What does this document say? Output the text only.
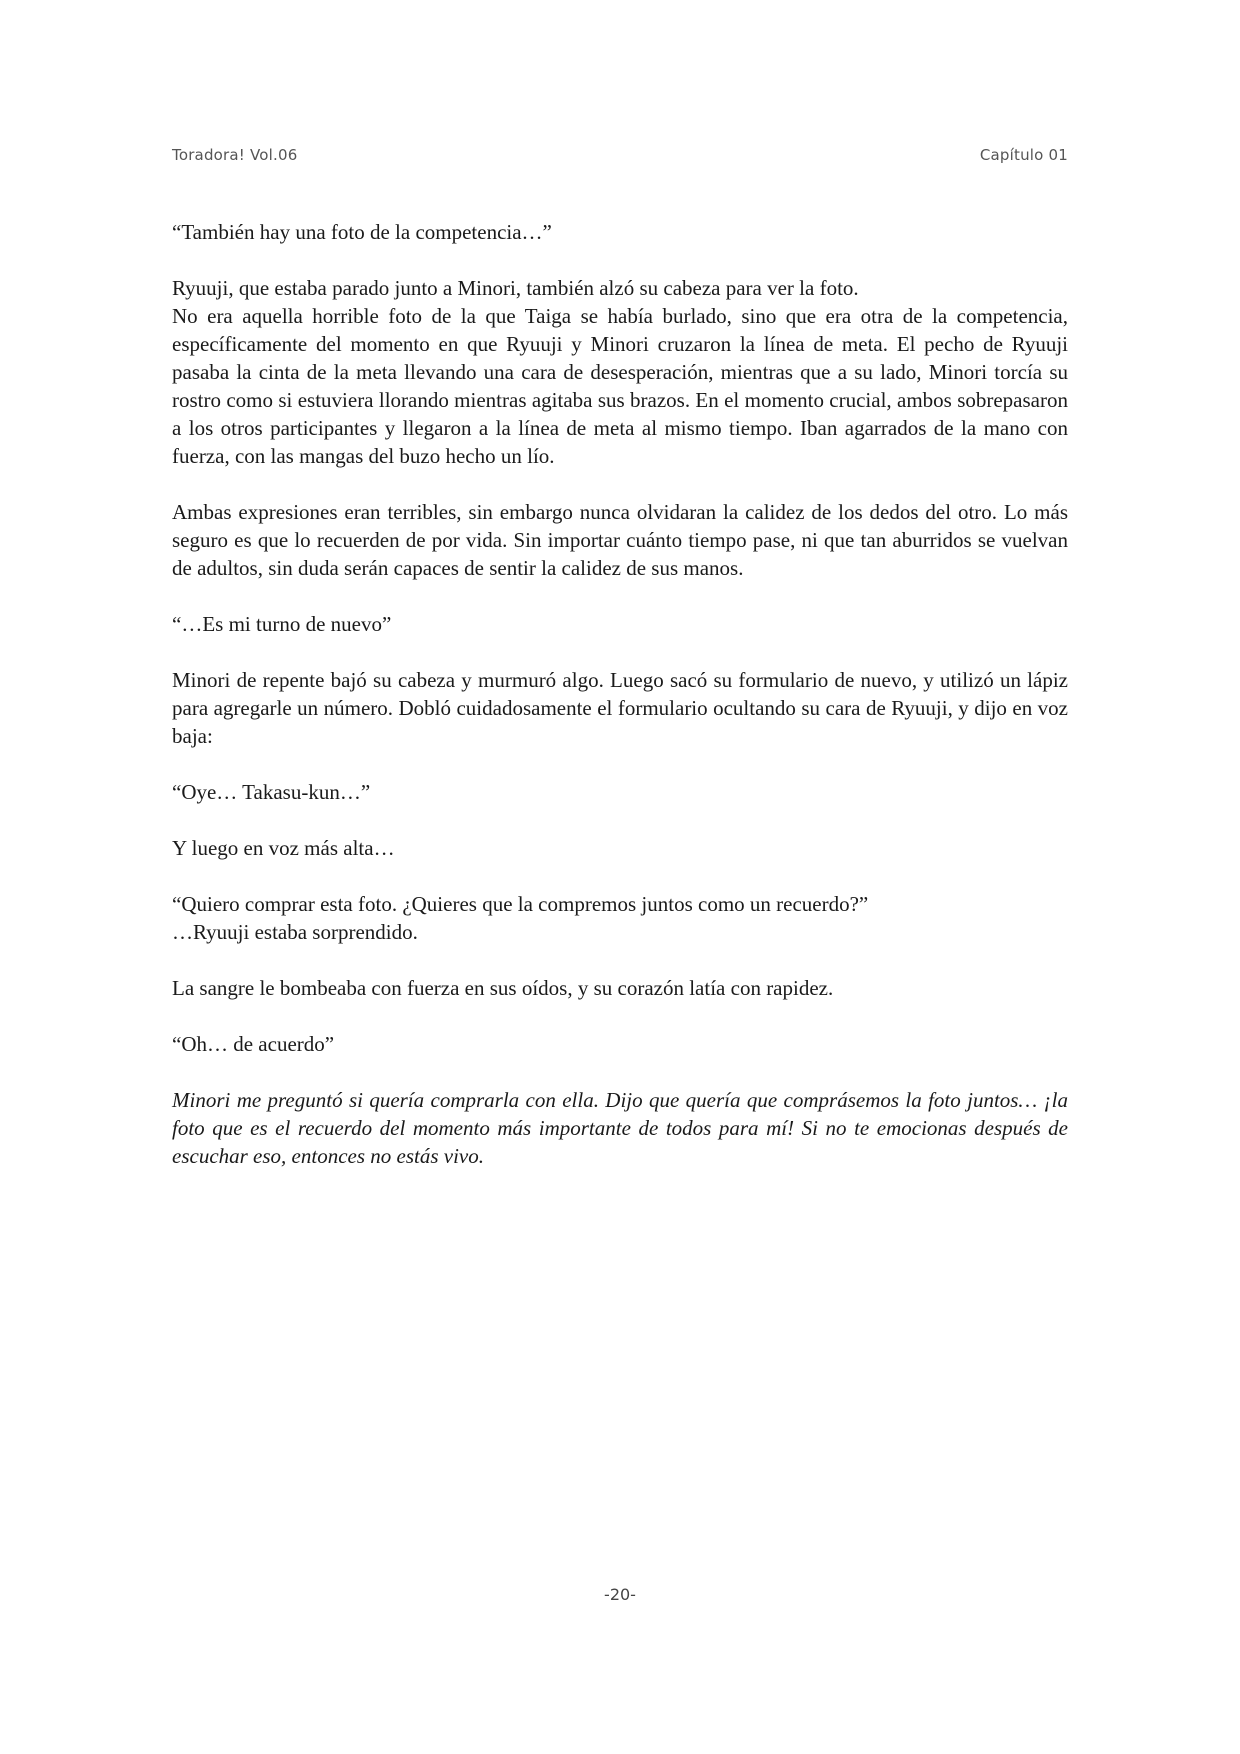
Toradora! Vol.06	Capítulo 01

“También hay una foto de la competencia…”

Ryuuji, que estaba parado junto a Minori, también alzó su cabeza para ver la foto.

No era aquella horrible foto de la que Taiga se había burlado, sino que era otra de la competencia, específicamente del momento en que Ryuuji y Minori cruzaron la línea de meta. El pecho de Ryuuji pasaba la cinta de la meta llevando una cara de desesperación, mientras que a su lado, Minori torcía su rostro como si estuviera llorando mientras agitaba sus brazos. En el momento crucial, ambos sobrepasaron a los otros participantes y llegaron a la línea de meta al mismo tiempo. Iban agarrados de la mano con fuerza, con las mangas del buzo hecho un lío.

Ambas expresiones eran terribles, sin embargo nunca olvidaran la calidez de los dedos del otro. Lo más seguro es que lo recuerden de por vida. Sin importar cuánto tiempo pase, ni que tan aburridos se vuelvan de adultos, sin duda serán capaces de sentir la calidez de sus manos.

“…Es mi turno de nuevo”

Minori de repente bajó su cabeza y murmuró algo. Luego sacó su formulario de nuevo, y utilizó un lápiz para agregarle un número. Dobló cuidadosamente el formulario ocultando su cara de Ryuuji, y dijo en voz baja:

“Oye… Takasu-kun…”

Y luego en voz más alta…

“Quiero comprar esta foto. ¿Quieres que la compremos juntos como un recuerdo?”

…Ryuuji estaba sorprendido.

La sangre le bombeaba con fuerza en sus oídos, y su corazón latía con rapidez.

“Oh… de acuerdo”

Minori me preguntó si quería comprarla con ella. Dijo que quería que comprásemos la foto juntos… ¡la foto que es el recuerdo del momento más importante de todos para mí! Si no te emocionas después de escuchar eso, entonces no estás vivo.

-20-
